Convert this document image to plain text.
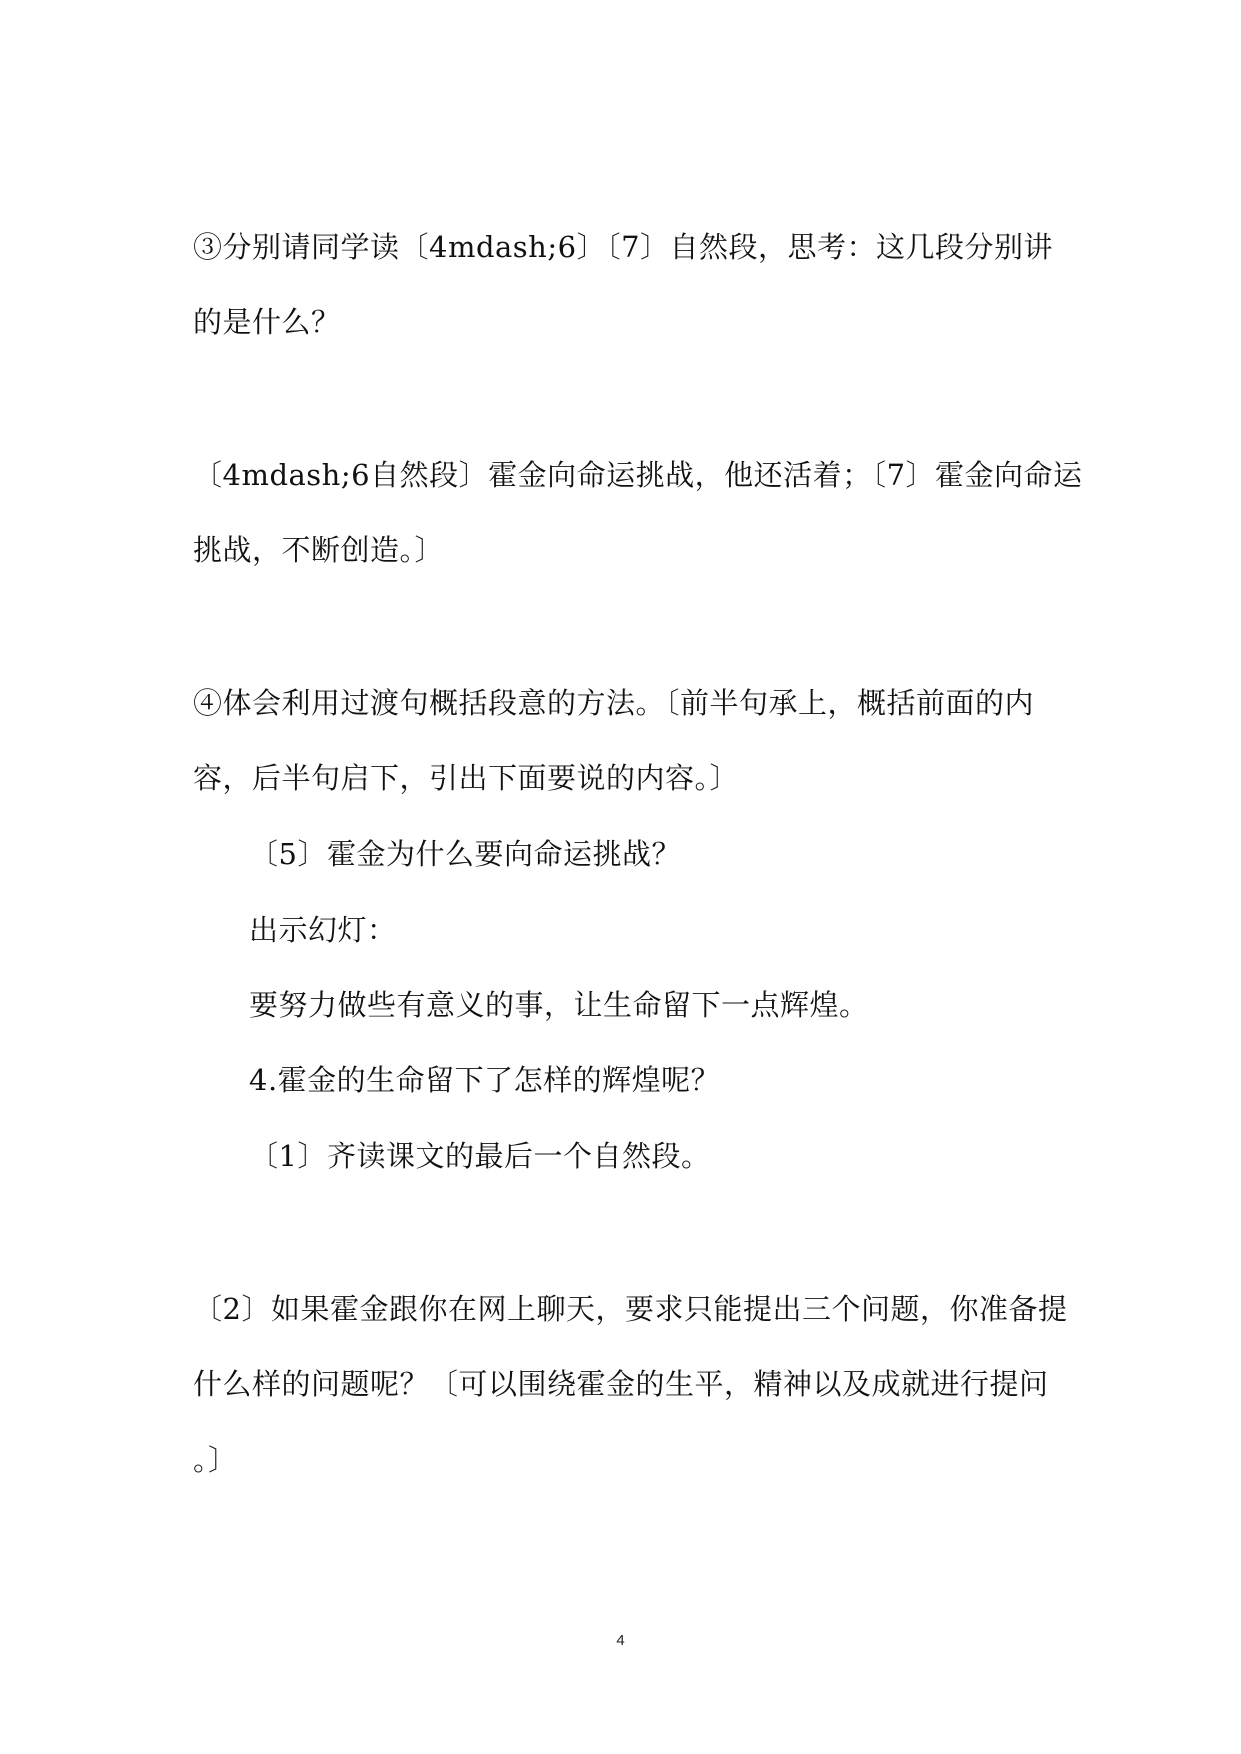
③分别请同学读〔4mdash;6〕〔7〕自然段，思考：这几段分别讲
的是什么？
〔4mdash;6自然段〕霍金向命运挑战，他还活着；〔7〕霍金向命运
挑战，不断创造。〕
④体会利用过渡句概括段意的方法。〔前半句承上，概括前面的内
容，后半句启下，引出下面要说的内容。〕
〔5〕霍金为什么要向命运挑战？
出示幻灯：
要努力做些有意义的事，让生命留下一点辉煌。
4.霍金的生命留下了怎样的辉煌呢？
〔1〕齐读课文的最后一个自然段。
〔2〕如果霍金跟你在网上聊天，要求只能提出三个问题，你准备提
什么样的问题呢？〔可以围绕霍金的生平，精神以及成就进行提问
。〕
4
